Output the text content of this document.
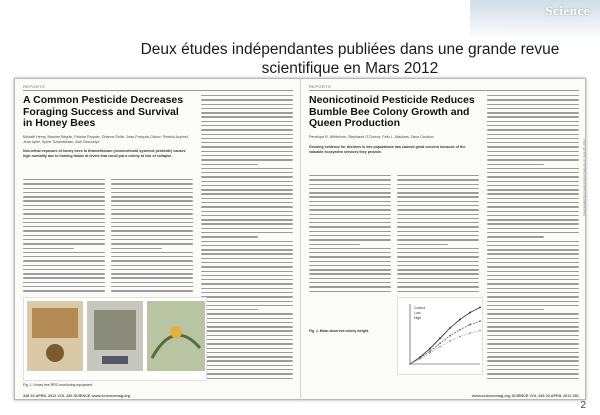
Science
Deux études indépendantes publiées dans une grande revue scientifique en Mars 2012
REPORTS
A Common Pesticide Decreases Foraging Success and Survival in Honey Bees
Mickaël Henry, Maxime Béguin, Fabrice Requier, Orianne Rollin, Jean-François Odoux, Pierrick Aupinel, Jean Aptel, Sylvie Tchamitchian, Axel Decourtye
Non-lethal exposure of honey bees to thiamethoxam (neonicotinoid systemic pesticide) causes high mortality due to homing failure at levels that could put a colony at risk of collapse.
Fig. 1. Honey bee RFID monitoring equipment.
348 20 APRIL 2012 VOL 336 SCIENCE www.sciencemag.org
REPORTS
Neonicotinoid Pesticide Reduces Bumble Bee Colony Growth and Queen Production
Penelope R. Whitehorn, Stephanie O'Connor, Felix L. Wackers, Dave Goulson
Growing evidence for declines in bee populations has caused great concern because of the valuable ecosystem services they provide.
Control
Low
High
Fig. 1. Mean observed colony weight.
Downloaded from www.sciencemag.org on June 25, 2012
www.sciencemag.org SCIENCE VOL 336 20 APRIL 2012 351
2
